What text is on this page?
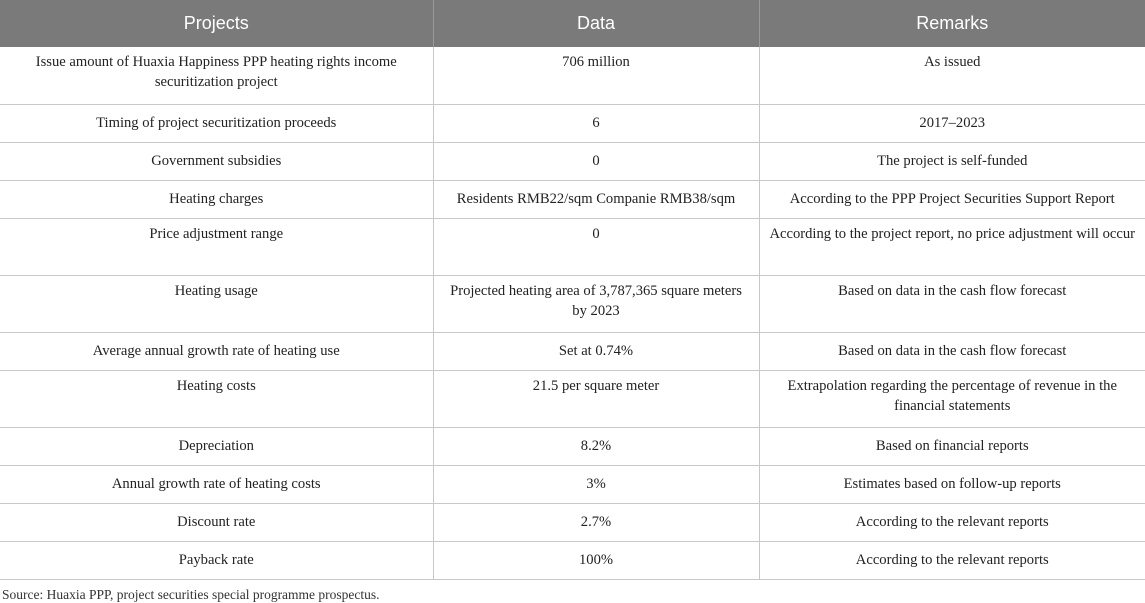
Projects	Data	Remarks
Issue amount of Huaxia Happiness PPP heating rights income securitization project	706 million	As issued
Timing of project securitization proceeds	6	2017–2023
Government subsidies	0	The project is self-funded
Heating charges	Residents RMB22/sqm Companie RMB38/sqm	According to the PPP Project Securities Support Report
Price adjustment range	0	According to the project report, no price adjustment will occur
Heating usage	Projected heating area of 3,787,365 square meters by 2023	Based on data in the cash flow forecast
Average annual growth rate of heating use	Set at 0.74%	Based on data in the cash flow forecast
Heating costs	21.5 per square meter	Extrapolation regarding the percentage of revenue in the financial statements
Depreciation	8.2%	Based on financial reports
Annual growth rate of heating costs	3%	Estimates based on follow-up reports
Discount rate	2.7%	According to the relevant reports
Payback rate	100%	According to the relevant reports
Source: Huaxia PPP, project securities special programme prospectus.
